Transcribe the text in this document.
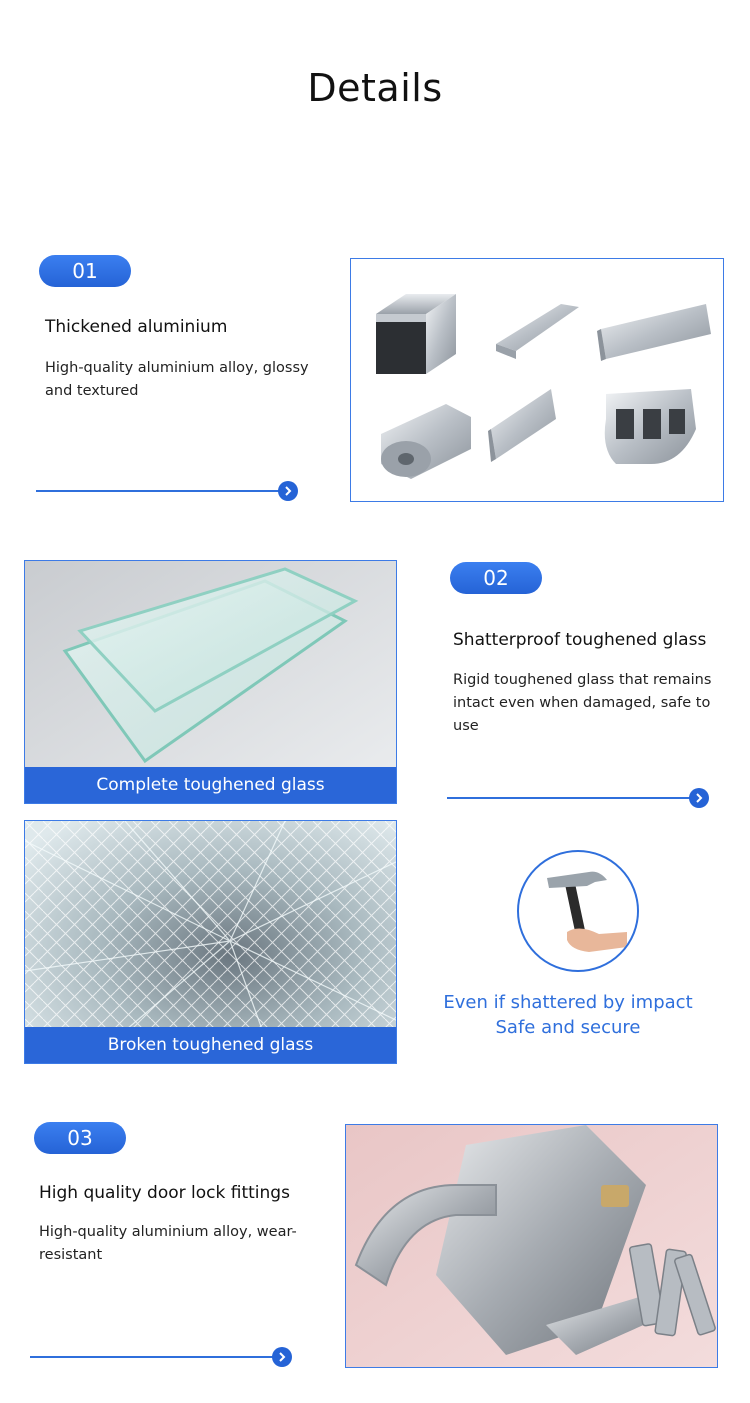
Details
01
Thickened aluminium
High-quality aluminium alloy, glossy and textured
Complete toughened glass
02
Shatterproof toughened glass
Rigid toughened glass that remains intact even when damaged, safe to use
Broken toughened glass
Even if shattered by impact
Safe and secure
03
High quality door lock fittings
High-quality aluminium alloy, wear-resistant
